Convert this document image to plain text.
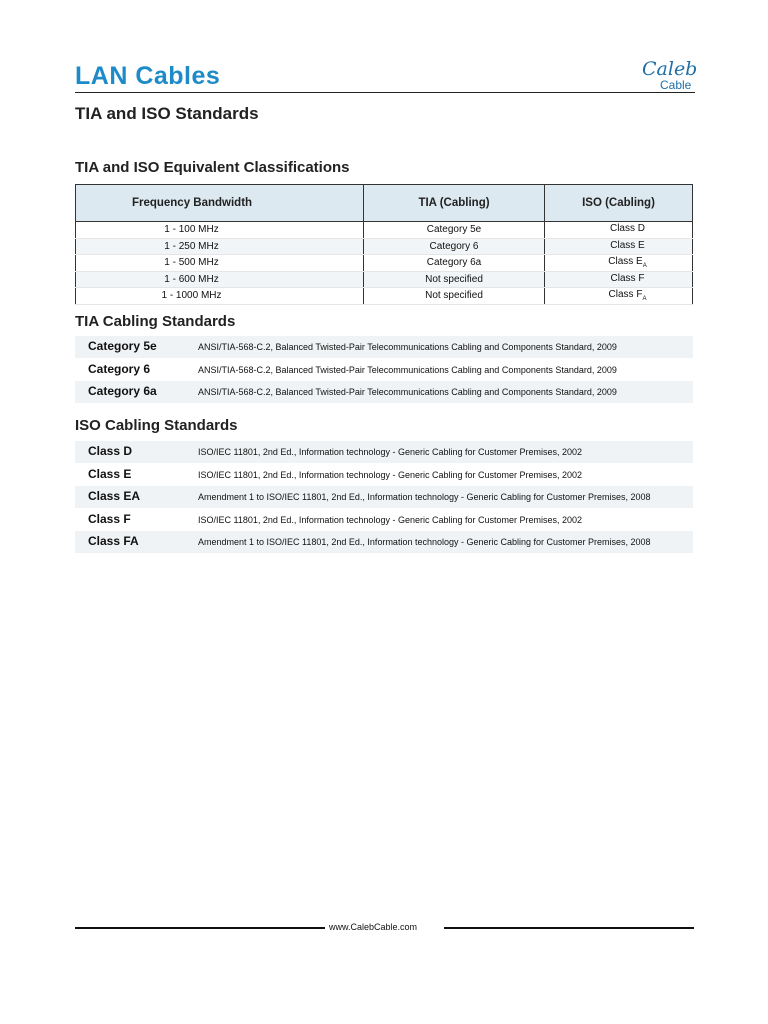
LAN Cables	Caleb
Cable
TIA and ISO Standards
TIA and ISO Equivalent Classifications
Frequency Bandwidth	TIA (Cabling)	ISO (Cabling)
1 - 100 MHz	Category 5e	Class D
1 - 250 MHz	Category 6	Class E
1 - 500 MHz	Category 6a	Class $E_A$
1 - 600 MHz	Not specified	Class F
1 - 1000 MHz	Not specified	Class $F_A$
TIA Cabling Standards
Category 5e	ANSI/TIA-568-C.2, Balanced Twisted-Pair Telecommunications Cabling and Components Standard, 2009
Category 6	ANSI/TIA-568-C.2, Balanced Twisted-Pair Telecommunications Cabling and Components Standard, 2009
Category 6a	ANSI/TIA-568-C.2, Balanced Twisted-Pair Telecommunications Cabling and Components Standard, 2009
ISO Cabling Standards
Class D	ISO/IEC 11801, 2nd Ed., Information technology - Generic Cabling for Customer Premises, 2002
Class E	ISO/IEC 11801, 2nd Ed., Information technology - Generic Cabling for Customer Premises, 2002
Class EA	Amendment 1 to ISO/IEC 11801, 2nd Ed., Information technology - Generic Cabling for Customer Premises, 2008
Class F	ISO/IEC 11801, 2nd Ed., Information technology - Generic Cabling for Customer Premises, 2002
Class FA	Amendment 1 to ISO/IEC 11801, 2nd Ed., Information technology - Generic Cabling for Customer Premises, 2008
www.CalebCable.com
